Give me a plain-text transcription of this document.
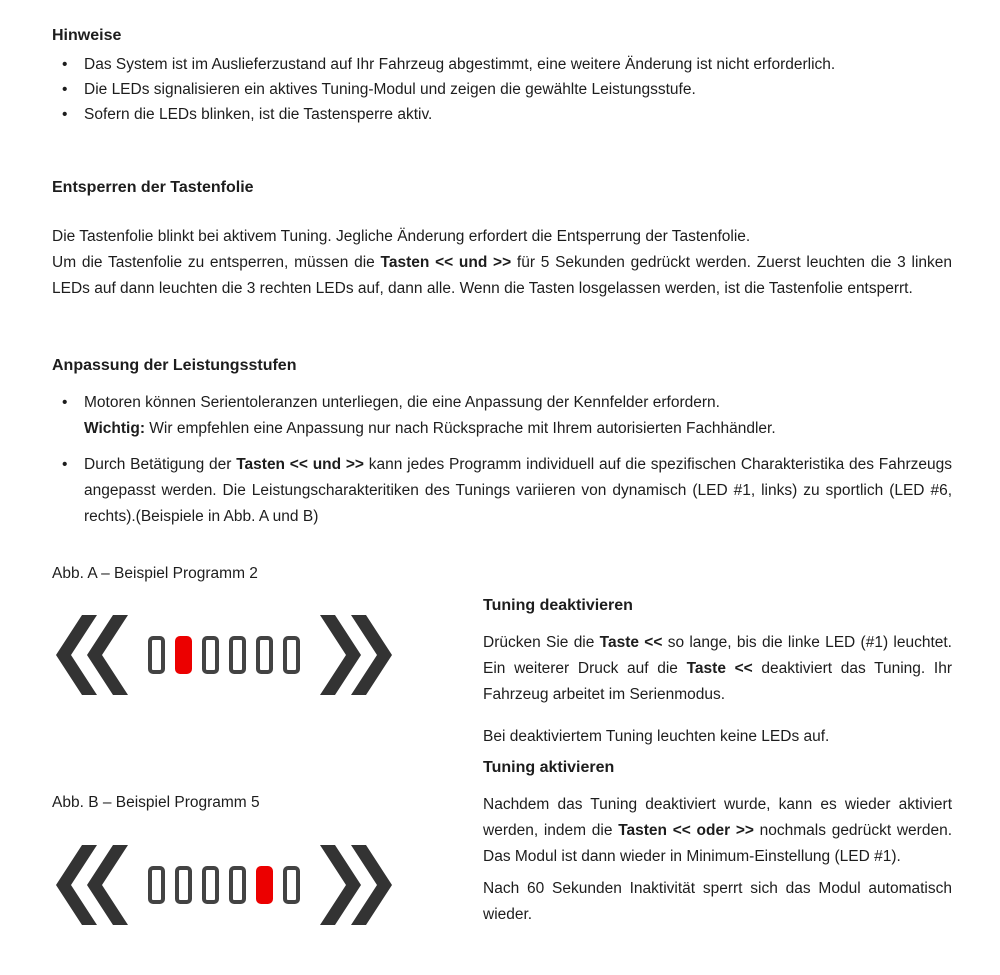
Hinweise
•	Das System ist im Auslieferzustand auf Ihr Fahrzeug abgestimmt, eine weitere Änderung ist nicht erforderlich.
•	Die LEDs signalisieren ein aktives Tuning-Modul und zeigen die gewählte Leistungsstufe.
•	Sofern die LEDs blinken, ist die Tastensperre aktiv.
Entsperren der Tastenfolie

Die Tastenfolie blinkt bei aktivem Tuning. Jegliche Änderung erfordert die Entsperrung der Tastenfolie.

Um die Tastenfolie zu entsperren, müssen die Tasten << und >> für 5 Sekunden gedrückt werden. Zuerst leuchten die 3 linken LEDs auf dann leuchten die 3 rechten LEDs auf, dann alle. Wenn die Tasten losgelassen werden, ist die Tastenfolie entsperrt.

Anpassung der Leistungsstufen
•	Motoren können Serientoleranzen unterliegen, die eine Anpassung der Kennfelder erfordern.

Wichtig: Wir empfehlen eine Anpassung nur nach Rücksprache mit Ihrem autorisierten Fachhändler.

•	Durch Betätigung der Tasten << und >> kann jedes Programm individuell auf die spezifischen Charakteristika des Fahrzeugs angepasst werden. Die Leistungscharakteritiken des Tunings variieren von dynamisch (LED #1, links) zu sportlich (LED #6, rechts).(Beispiele in Abb. A und B)
Abb. A – Beispiel Programm 2
Abb. B – Beispiel Programm 5
Tuning deaktivieren

Drücken Sie die Taste << so lange, bis die linke LED (#1) leuchtet. Ein weiterer Druck auf die Taste << deaktiviert das Tuning. Ihr Fahrzeug arbeitet im Serienmodus.

Bei deaktiviertem Tuning leuchten keine LEDs auf.

Tuning aktivieren

Nachdem das Tuning deaktiviert wurde, kann es wieder aktiviert werden, indem die Tasten << oder >> nochmals gedrückt werden. Das Modul ist dann wieder in Minimum-Einstellung (LED #1).

Nach 60 Sekunden Inaktivität sperrt sich das Modul automatisch wieder.
